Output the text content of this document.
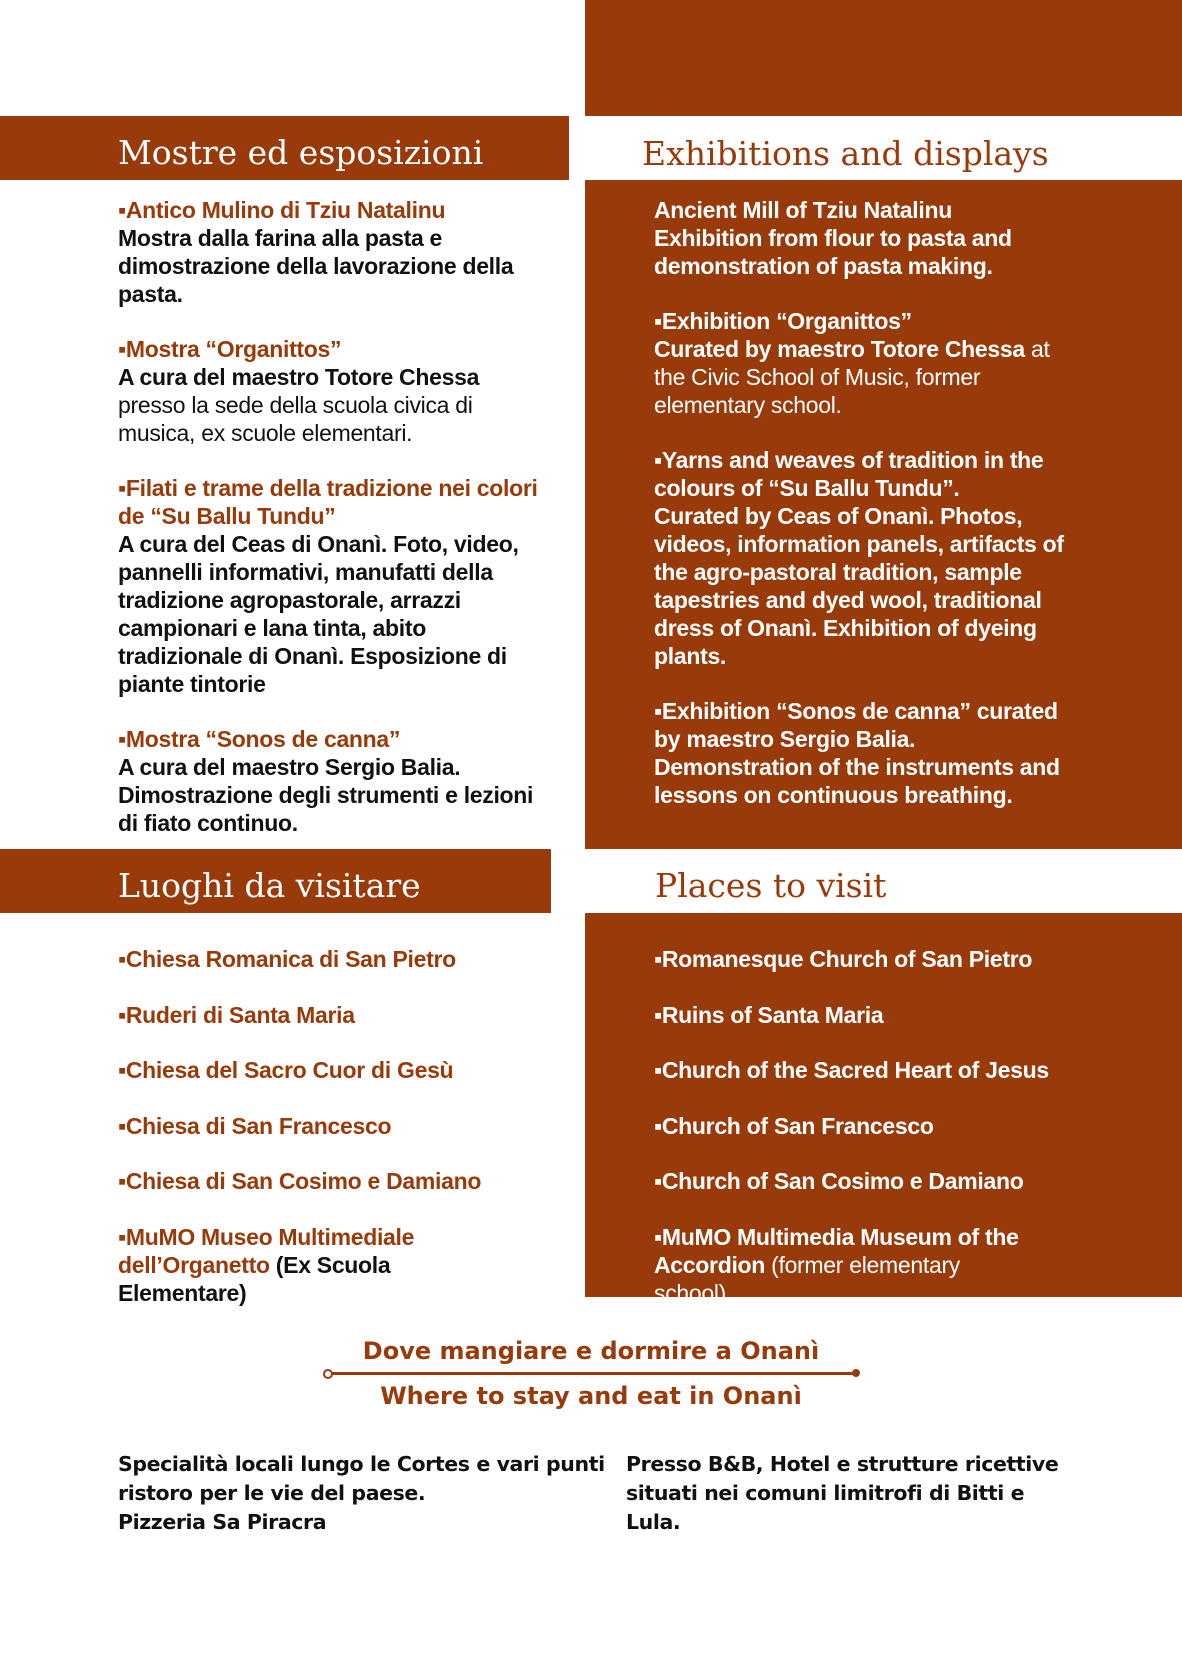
Mostre ed esposizioni	Exhibitions and displays
Luoghi da visitare	Places to visit

▪Antico Mulino di Tziu Natalinu
Mostra dalla farina alla pasta e dimostrazione della lavorazione della pasta.

▪Mostra “Organittos”
A cura del maestro Totore Chessa presso la sede della scuola civica di musica, ex scuole elementari.

▪Filati e trame della tradizione nei colori de “Su Ballu Tundu”
A cura del Ceas di Onanì. Foto, video, pannelli informativi, manufatti della tradizione agropastorale, arrazzi campionari e lana tinta, abito tradizionale di Onanì. Esposizione di piante tintorie

▪Mostra “Sonos de canna”
A cura del maestro Sergio Balia. Dimostrazione degli strumenti e lezioni di fiato continuo.

Ancient Mill of Tziu Natalinu
Exhibition from flour to pasta and demonstration of pasta making.

▪Exhibition “Organittos”
Curated by maestro Totore Chessa at the Civic School of Music, former elementary school.

▪Yarns and weaves of tradition in the colours of “Su Ballu Tundu”.
Curated by Ceas of Onanì. Photos, videos, information panels, artifacts of the agro-pastoral tradition, sample tapestries and dyed wool, traditional dress of Onanì. Exhibition of dyeing plants.

▪Exhibition “Sonos de canna” curated by maestro Sergio Balia. Demonstration of the instruments and lessons on continuous breathing.

▪Chiesa Romanica di San Pietro

▪Ruderi di Santa Maria

▪Chiesa del Sacro Cuor di Gesù

▪Chiesa di San Francesco

▪Chiesa di San Cosimo e Damiano

▪MuMO Museo Multimediale dell’Organetto (Ex Scuola Elementare)

▪Romanesque Church of San Pietro

▪Ruins of Santa Maria

▪Church of the Sacred Heart of Jesus

▪Church of San Francesco

▪Church of San Cosimo e Damiano

▪MuMO Multimedia Museum of the Accordion (former elementary school)

Dove mangiare e dormire a Onanì
Where to stay and eat in Onanì

Specialità locali lungo le Cortes e vari punti

ristoro per le vie del paese.

Pizzeria Sa Piracra

Presso B&B, Hotel e strutture ricettive

situati nei comuni limitrofi di Bitti e

Lula.
